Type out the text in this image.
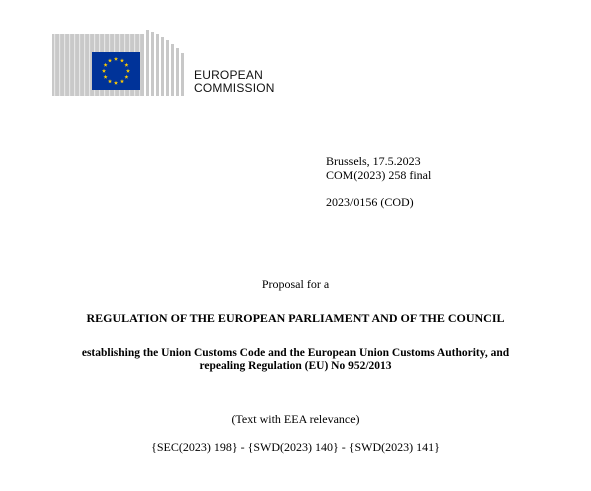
EUROPEAN
COMMISSION
Brussels, 17.5.2023
COM(2023) 258 final
2023/0156 (COD)
Proposal for a
REGULATION OF THE EUROPEAN PARLIAMENT AND OF THE COUNCIL
establishing the Union Customs Code and the European Union Customs Authority, and
repealing Regulation (EU) No 952/2013
(Text with EEA relevance)
{SEC(2023) 198} - {SWD(2023) 140} - {SWD(2023) 141}
